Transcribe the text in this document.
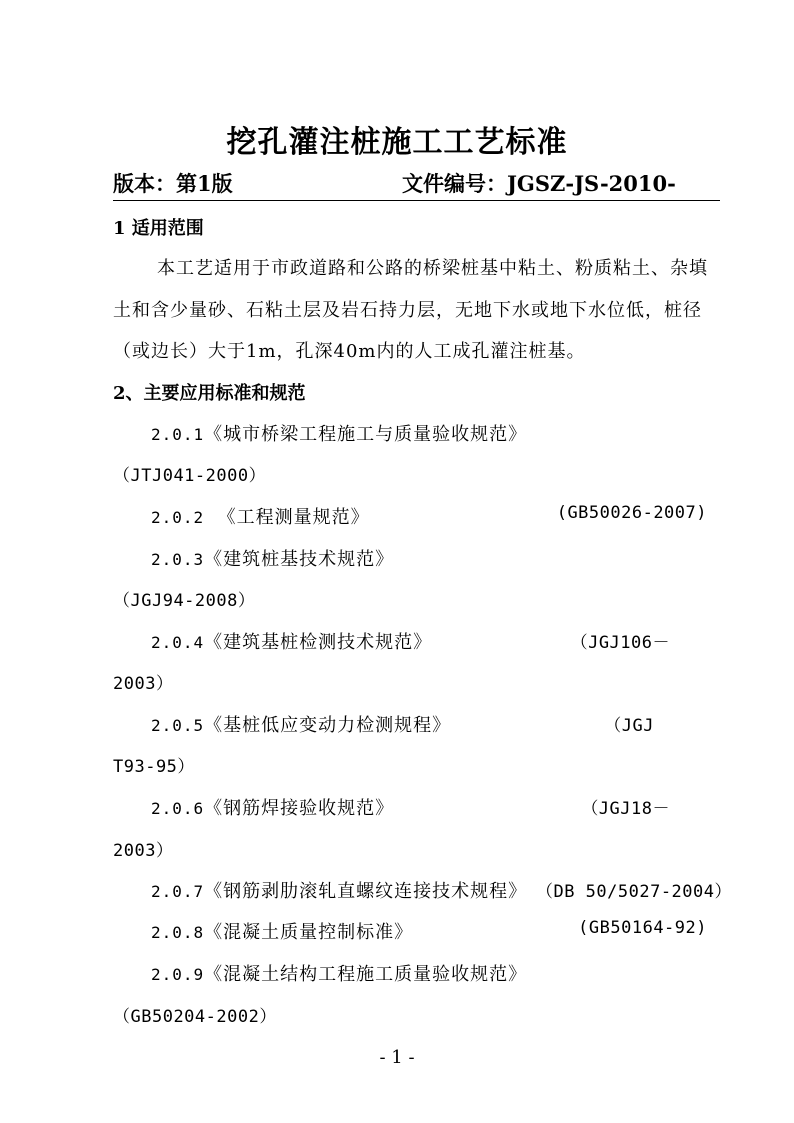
挖孔灌注桩施工工艺标准
版本：第1版	文件编号：JGSZ-JS-2010-
1 适用范围
本工艺适用于市政道路和公路的桥梁桩基中粘土、粉质粘土、杂填
土和含少量砂、石粘土层及岩石持力层，无地下水或地下水位低，桩径
（或边长）大于1m，孔深40m内的人工成孔灌注桩基。
2、主要应用标准和规范
2.0.1《城市桥梁工程施工与质量验收规范》
（JTJ041-2000）
2.0.2  《工程测量规范》	(GB50026-2007)
2.0.3《建筑桩基技术规范》
（JGJ94-2008）
2.0.4《建筑基桩检测技术规范》	（JGJ106－
2003）
2.0.5《基桩低应变动力检测规程》	（JGJ
T93-95）
2.0.6《钢筋焊接验收规范》	（JGJ18－
2003）
2.0.7《钢筋剥肋滚轧直螺纹连接技术规程》 （DB 50/5027-2004）
2.0.8《混凝土质量控制标准》	(GB50164-92)
2.0.9《混凝土结构工程施工质量验收规范》
（GB50204-2002）
- 1 -
